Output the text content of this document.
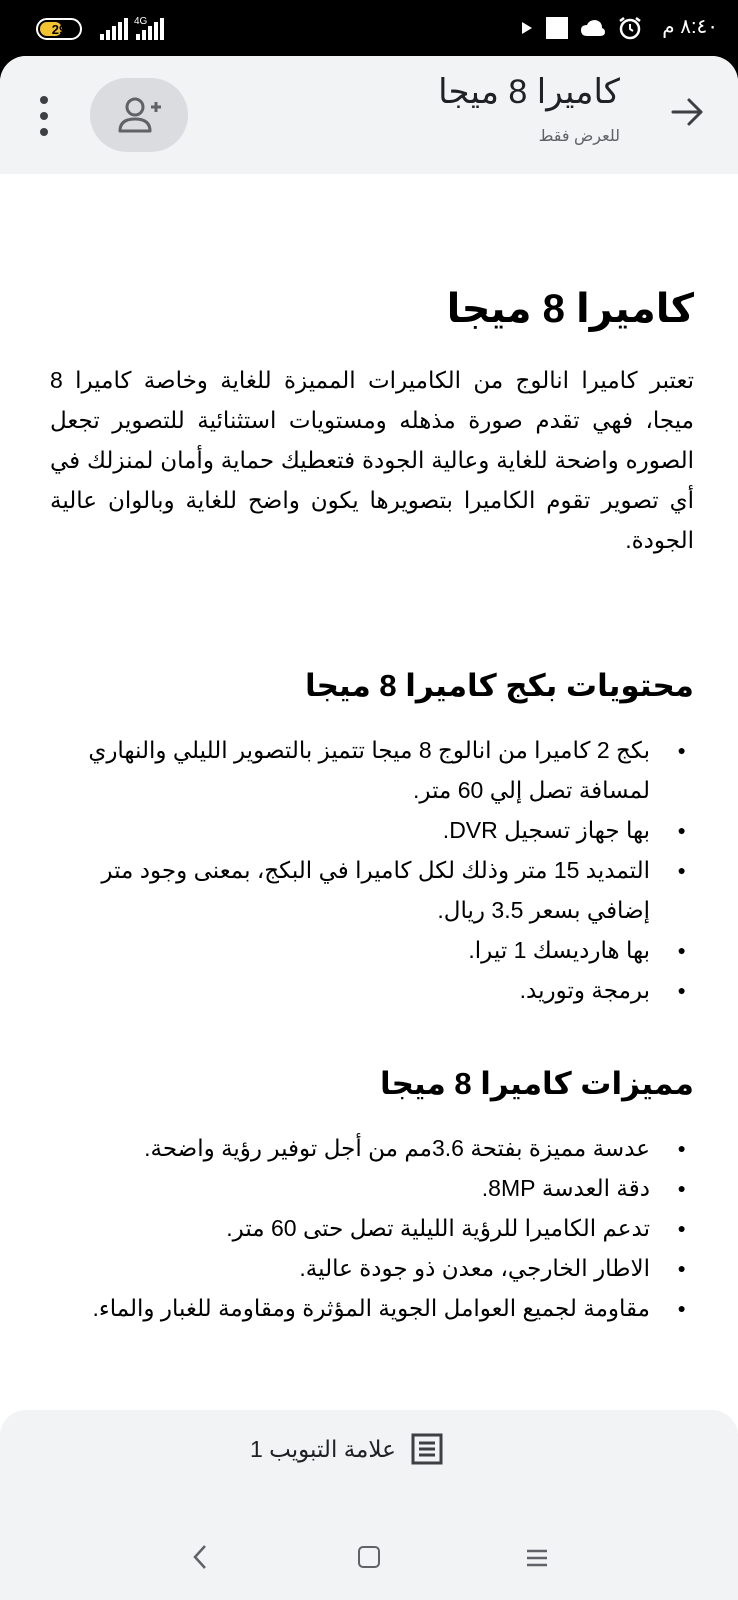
29	4G	٨:٤٠ م
كاميرا 8 ميجا
للعرض فقط
كاميرا 8 ميجا

تعتبر كاميرا انالوج من الكاميرات المميزة للغاية وخاصة كاميرا 8 ميجا، فهي تقدم صورة مذهله ومستويات استثنائية للتصوير تجعل الصوره واضحة للغاية وعالية الجودة فتعطيك حماية وأمان لمنزلك في أي تصوير تقوم الكاميرا بتصويرها يكون واضح للغاية وبالوان عالية الجودة.

محتويات بكج كاميرا 8 ميجا
● بكج 2 كاميرا من انالوج 8 ميجا تتميز بالتصوير الليلي والنهاري لمسافة تصل إلي 60 متر.
● بها جهاز تسجيل DVR.
● التمديد 15 متر وذلك لكل كاميرا في البكج، بمعنى وجود متر إضافي بسعر 3.5 ريال.
● بها هارديسك 1 تيرا.
● برمجة وتوريد.
مميزات كاميرا 8 ميجا
● عدسة مميزة بفتحة 3.6مم من أجل توفير رؤية واضحة.
● دقة العدسة 8MP.
● تدعم الكاميرا للرؤية الليلية تصل حتى 60 متر.
● الاطار الخارجي، معدن ذو جودة عالية.
● مقاومة لجميع العوامل الجوية المؤثرة ومقاومة للغبار والماء.
علامة التبويب 1
